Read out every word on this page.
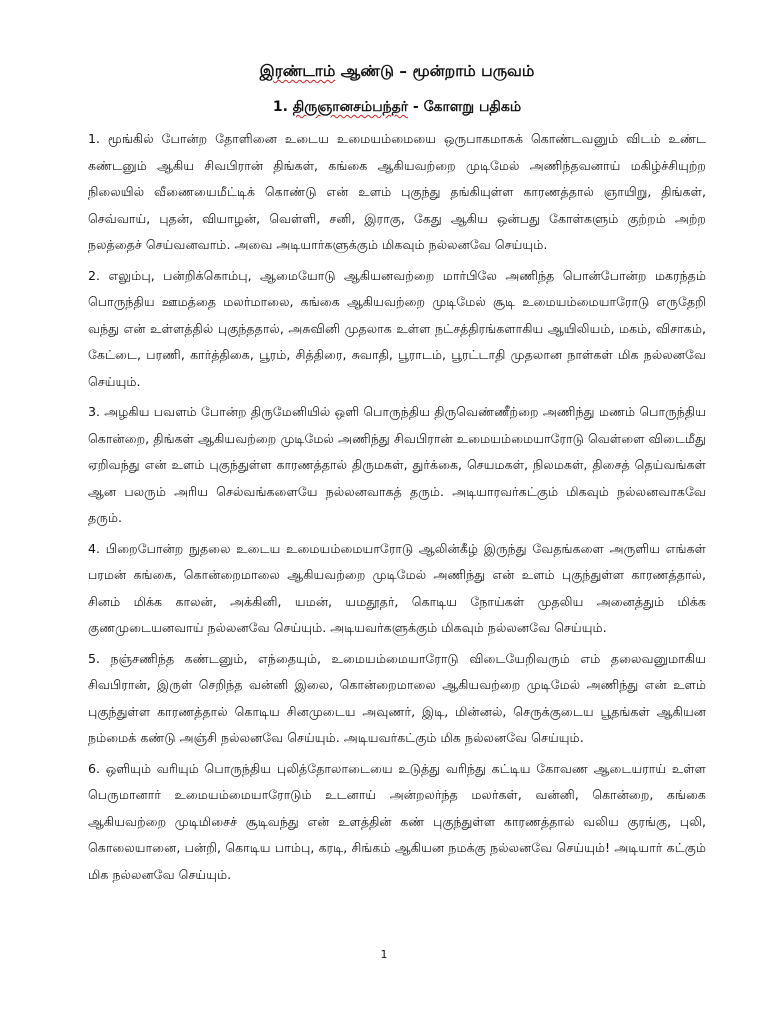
இரண்டாம் ஆண்டு – மூன்றாம் பருவம்
1. திருஞானசம்பந்தர் - கோளறு பதிகம்

1. மூங்கில் போன்ற தோளினை உடைய உமையம்மையை ஒருபாகமாகக் கொண்டவனும் விடம் உண்ட கண்டனும் ஆகிய சிவபிரான் திங்கள், கங்கை ஆகியவற்றை முடிமேல் அணிந்தவனாய் மகிழ்ச்சியுற்ற நிலையில் வீணையைமீட்டிக் கொண்டு என் உளம் புகுந்து தங்கியுள்ள காரணத்தால் ஞாயிறு, திங்கள், செவ்வாய், புதன், வியாழன், வெள்ளி, சனி, இராகு, கேது ஆகிய ஒன்பது கோள்களும் குற்றம் அற்ற நலத்தைச் செய்வனவாம். அவை அடியார்களுக்கும் மிகவும் நல்லனவே செய்யும்.

2. எலும்பு, பன்றிக்கொம்பு, ஆமையோடு ஆகியனவற்றை மார்பிலே அணிந்த பொன்போன்ற மகரந்தம் பொருந்திய ஊமத்தை மலர்மாலை, கங்கை ஆகியவற்றை முடிமேல் சூடி உமையம்மையாரோடு எருதேறி வந்து என் உள்ளத்தில் புகுந்ததால், அசுவினி முதலாக உள்ள நட்சத்திரங்களாகிய ஆயிலியம், மகம், விசாகம், கேட்டை, பரணி, கார்த்திகை, பூரம், சித்திரை, சுவாதி, பூராடம், பூரட்டாதி முதலான நாள்கள் மிக நல்லனவே செய்யும்.

3. அழகிய பவளம் போன்ற திருமேனியில் ஒளி பொருந்திய திருவெண்ணீற்றை அணிந்து மணம் பொருந்திய கொன்றை, திங்கள் ஆகியவற்றை முடிமேல் அணிந்து சிவபிரான் உமையம்மையாரோடு வெள்ளை விடைமீது ஏறிவந்து என் உளம் புகுந்துள்ள காரணத்தால் திருமகள், துர்க்கை, செயமகள், நிலமகள், திசைத் தெய்வங்கள் ஆன பலரும் அரிய செல்வங்களையே நல்லனவாகத் தரும். அடியாரவர்கட்கும் மிகவும் நல்லனவாகவே தரும்.

4. பிறைபோன்ற நுதலை உடைய உமையம்மையாரோடு ஆலின்கீழ் இருந்து வேதங்களை அருளிய எங்கள் பரமன் கங்கை, கொன்றைமாலை ஆகியவற்றை முடிமேல் அணிந்து என் உளம் புகுந்துள்ள காரணத்தால், சினம் மிக்க காலன், அக்கினி, யமன், யமதூதர், கொடிய நோய்கள் முதலிய அனைத்தும் மிக்க குணமுடையனவாய் நல்லனவே செய்யும். அடியவர்களுக்கும் மிகவும் நல்லனவே செய்யும்.

5. நஞ்சணிந்த கண்டனும், எந்தையும், உமையம்மையாரோடு விடையேறிவரும் எம் தலைவனுமாகிய சிவபிரான், இருள் செறிந்த வன்னி இலை, கொன்றைமாலை ஆகியவற்றை முடிமேல் அணிந்து என் உளம் புகுந்துள்ள காரணத்தால் கொடிய சினமுடைய அவுணர், இடி, மின்னல், செருக்குடைய பூதங்கள் ஆகியன நம்மைக் கண்டு அஞ்சி நல்லனவே செய்யும். அடியவர்கட்கும் மிக நல்லனவே செய்யும்.

6. ஒளியும் வரியும் பொருந்திய புலித்தோலாடையை உடுத்து வரிந்து கட்டிய கோவண ஆடையராய் உள்ள பெருமானார் உமையம்மையாரோடும் உடனாய் அன்றலர்ந்த மலர்கள், வன்னி, கொன்றை, கங்கை ஆகியவற்றை முடிமிசைச் சூடிவந்து என் உளத்தின் கண் புகுந்துள்ள காரணத்தால் வலிய குரங்கு, புலி, கொலையானை, பன்றி, கொடிய பாம்பு, கரடி, சிங்கம் ஆகியன நமக்கு நல்லனவே செய்யும்! அடியார் கட்கும் மிக நல்லனவே செய்யும்.

1
